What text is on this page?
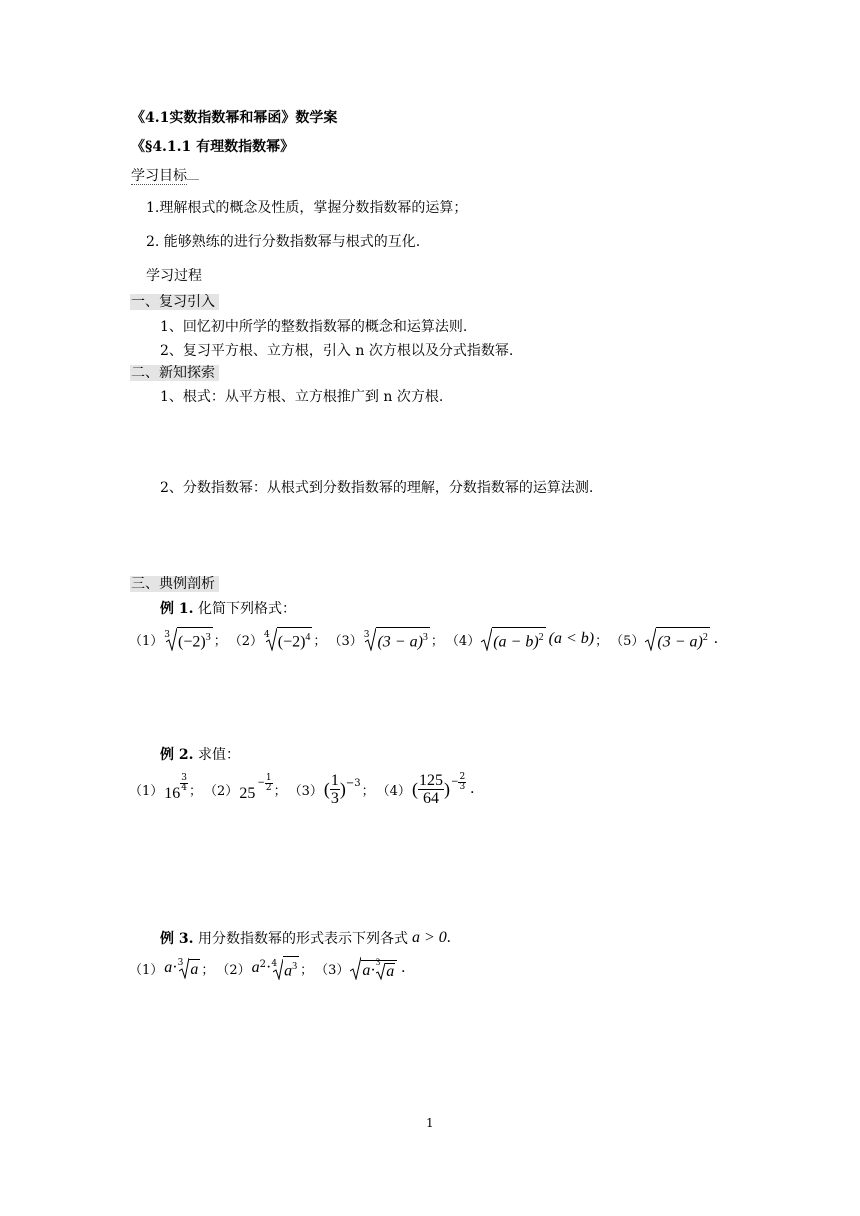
《4.1实数指数幂和幂函》数学案
《§4.1.1 有理数指数幂》
学习目标
1.理解根式的概念及性质，掌握分数指数幂的运算；
2. 能够熟练的进行分数指数幂与根式的互化.
学习过程
一、复习引入
1、回忆初中所学的整数指数幂的概念和运算法则.
2、复习平方根、立方根，引入 n 次方根以及分式指数幂.
二、新知探索
1、根式：从平方根、立方根推广到 n 次方根.
2、分数指数幂：从根式到分数指数幂的理解，分数指数幂的运算法测.
三、典例剖析
例 1. 化简下列格式：
（1） 3 $(-2)^3$ ； （2） 4 $(-2)^4$ ； （3） 3 $(3 - a)^3$ ； （4） $(a - b)^2$ (a < b) ； （5） $(3 - a)^2$ .
例 2. 求值：
（1） 16
3
4 ； （2） 25
− $\frac{1}{2}$ ； （3） ( $\frac{1}{3}$ ) −3
； （4） ( $\frac{125}{64}$ ) − $\frac{2}{3}$ .
例 3.
用分数指数幂的形式表示下列各式 a > 0 .
（1） a · 3 a ； （2） $a^2 \cdot 4$ $a^3$ ； （3） a · 3
a .
1
